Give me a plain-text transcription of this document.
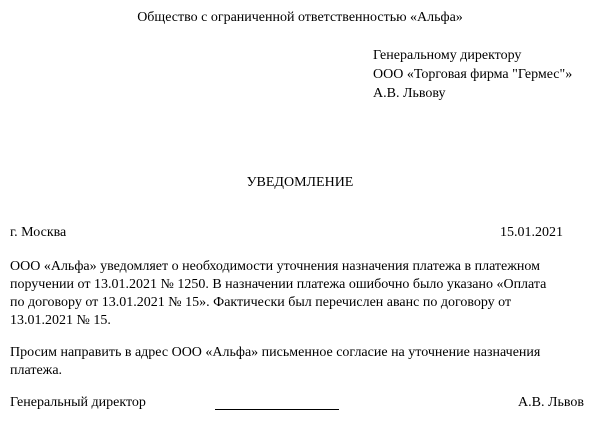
Общество с ограниченной ответственностью «Альфа»
Генеральному директору
ООО «Торговая фирма "Гермес"»
А.В. Львову
УВЕДОМЛЕНИЕ
г. Москва	15.01.2021
ООО «Альфа» уведомляет о необходимости уточнения назначения платежа в платежном
поручении от 13.01.2021 № 1250. В назначении платежа ошибочно было указано «Оплата
по договору от 13.01.2021 № 15». Фактически был перечислен аванс по договору от
13.01.2021 № 15.
Просим направить в адрес ООО «Альфа» письменное согласие на уточнение назначения
платежа.
Генеральный директор	А.В. Львов
